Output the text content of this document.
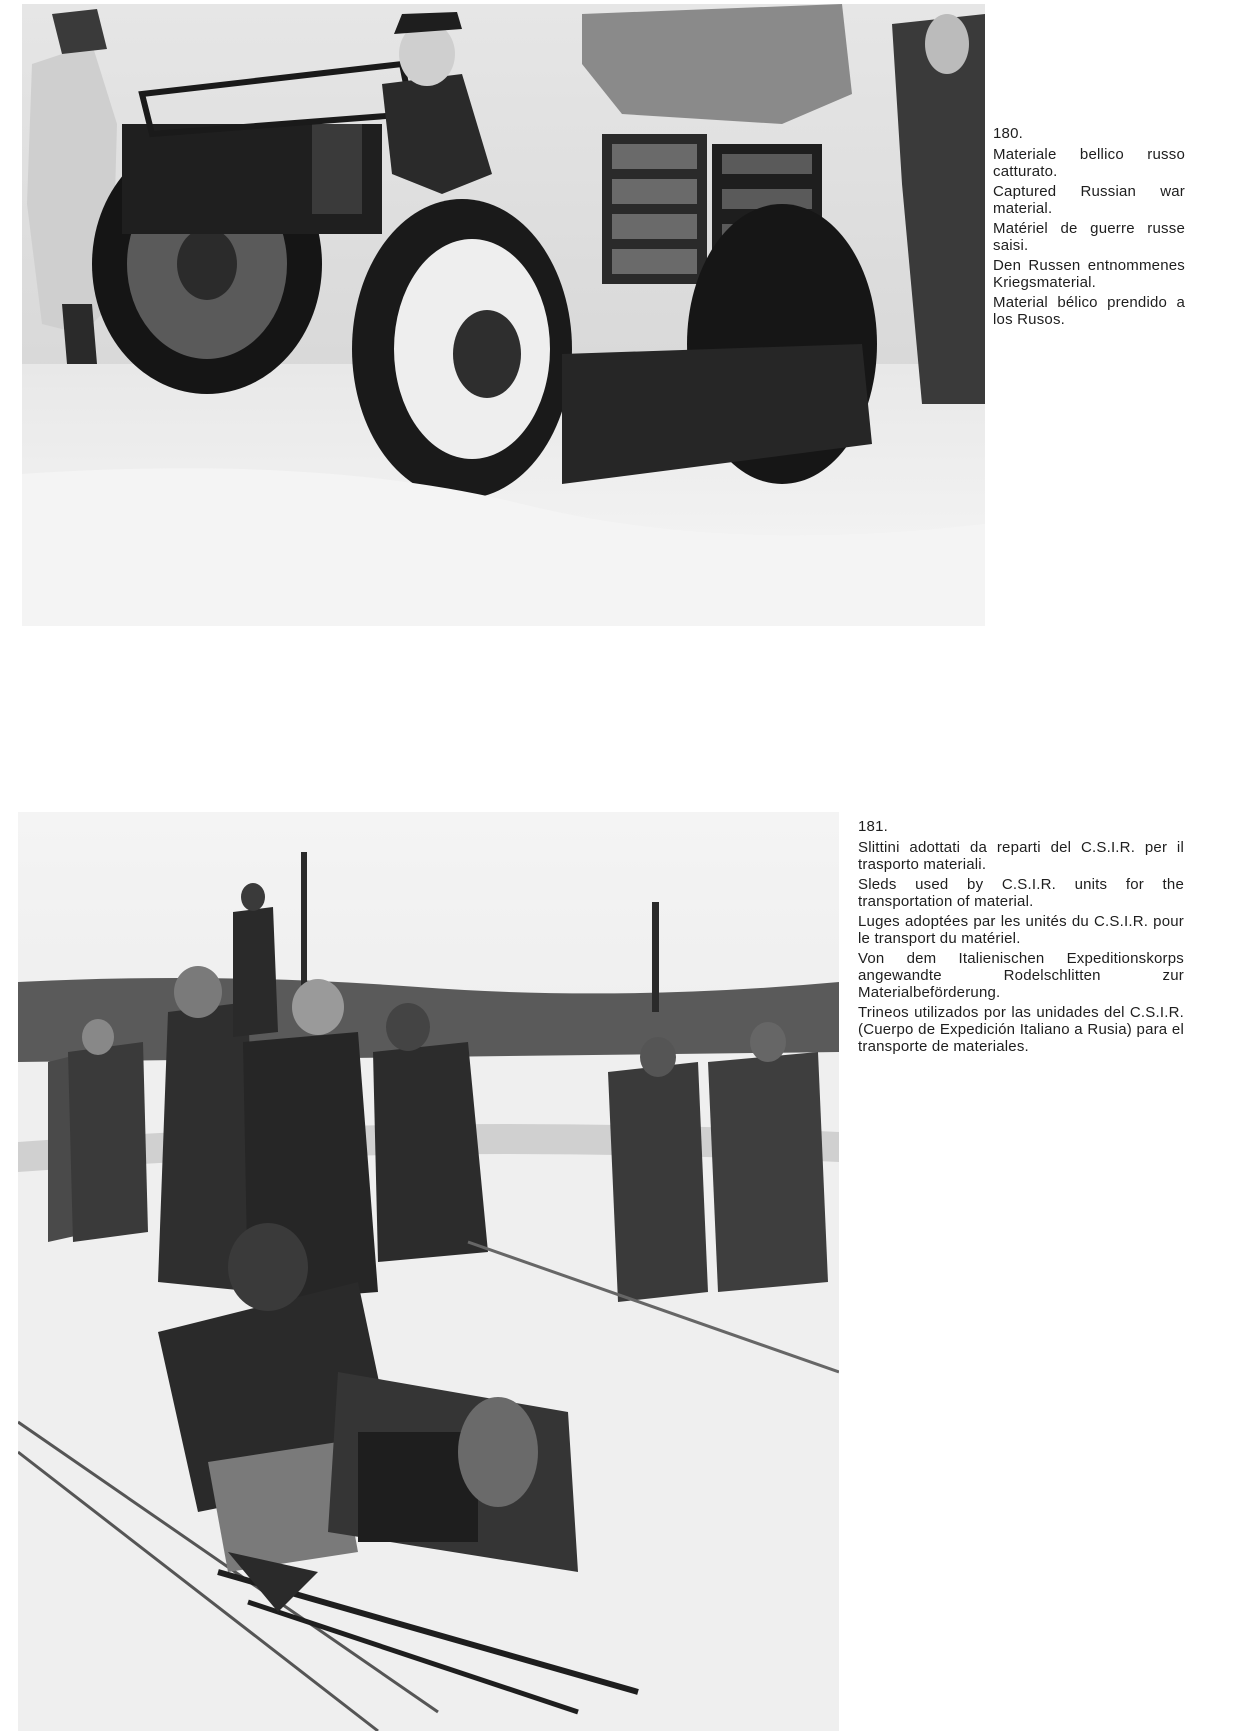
180.
Materiale bellico russo catturato.
Captured Russian war material.
Matériel de guerre russe saisi.
Den Russen entnommenes Kriegsmaterial.
Material bélico prendido a los Rusos.
181.
Slittini adottati da reparti del C.S.I.R. per il trasporto materiali.
Sleds used by C.S.I.R. units for the transportation of material.
Luges adoptées par les unités du C.S.I.R. pour le transport du matériel.
Von dem Italienischen Expeditionskorps angewandte Rodelschlitten zur Materialbeförderung.
Trineos utilizados por las unidades del C.S.I.R. (Cuerpo de Expedición Italiano a Rusia) para el transporte de materiales.
